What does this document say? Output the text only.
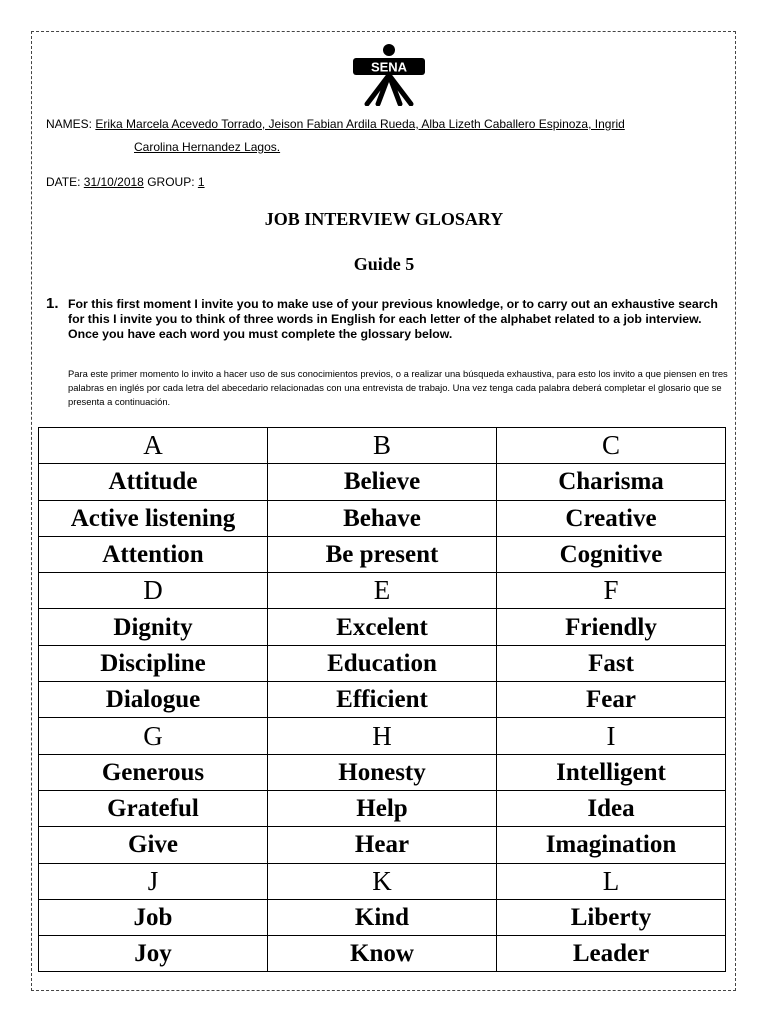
SENA
NAMES: Erika Marcela Acevedo Torrado, Jeison Fabian Ardila Rueda, Alba Lizeth Caballero Espinoza, Ingrid
Carolina Hernandez Lagos.
DATE: 31/10/2018 GROUP: 1
JOB INTERVIEW GLOSARY
Guide 5
1. For this first moment I invite you to make use of your previous knowledge, or to carry out an exhaustive search for this I invite you to think of three words in English for each letter of the alphabet related to a job interview. Once you have each word you must complete the glossary below.
Para este primer momento lo invito a hacer uso de sus conocimientos previos, o a realizar una búsqueda exhaustiva, para esto los invito a que piensen en tres palabras en inglés por cada letra del abecedario relacionadas con una entrevista de trabajo. Una vez tenga cada palabra deberá completar el glosario que se presenta a continuación.
A	B	C
Attitude	Believe	Charisma
Active listening	Behave	Creative
Attention	Be present	Cognitive
D	E	F
Dignity	Excelent	Friendly
Discipline	Education	Fast
Dialogue	Efficient	Fear
G	H	I
Generous	Honesty	Intelligent
Grateful	Help	Idea
Give	Hear	Imagination
J	K	L
Job	Kind	Liberty
Joy	Know	Leader
